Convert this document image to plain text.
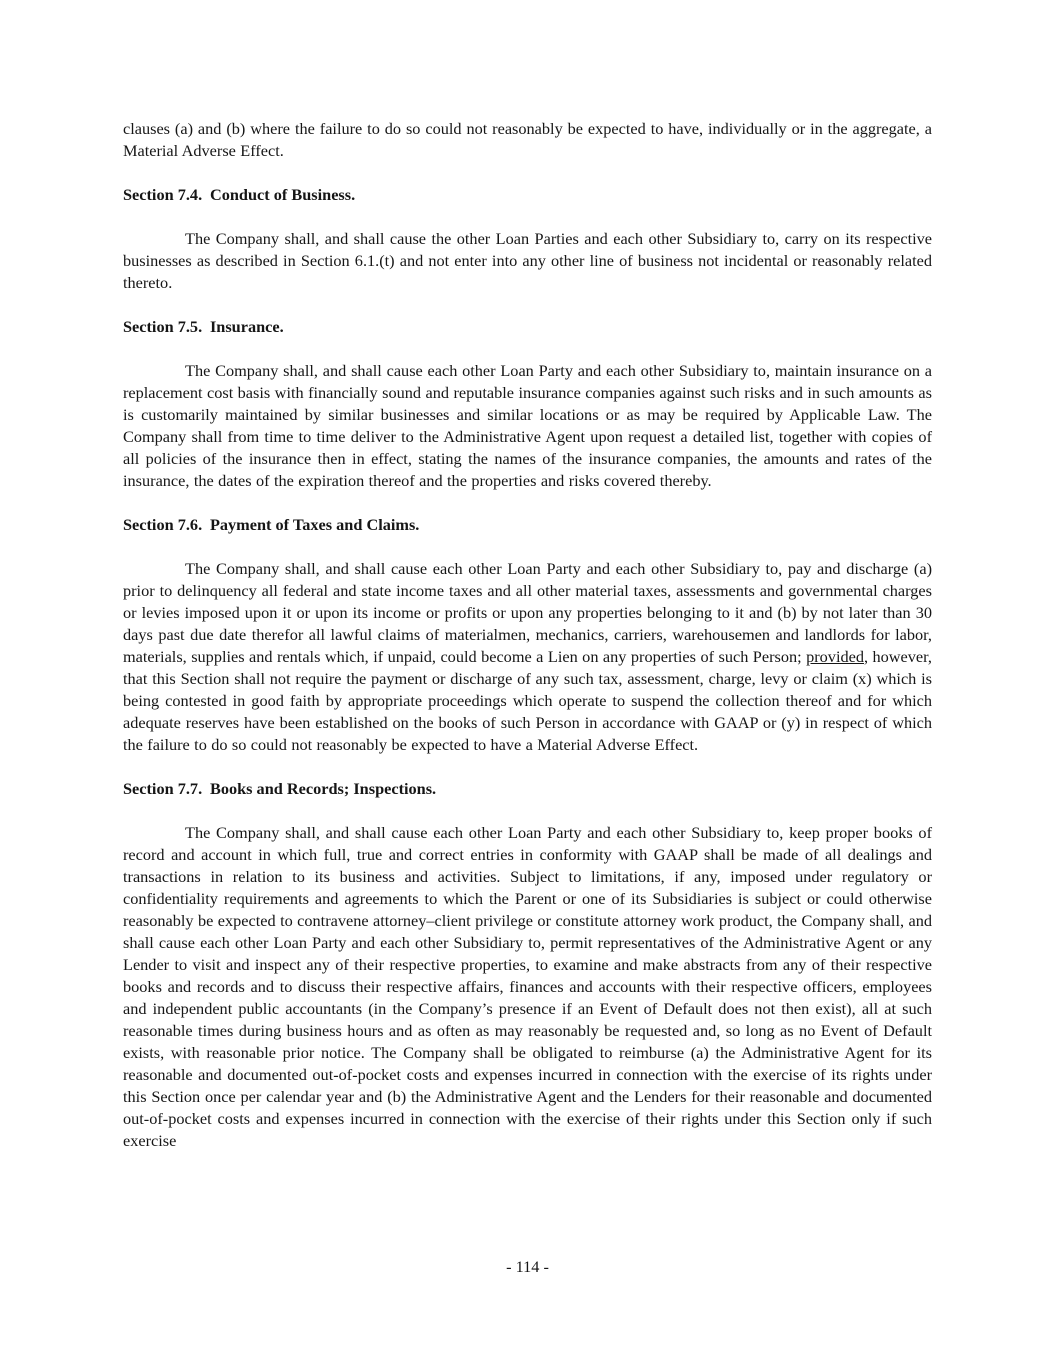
clauses (a) and (b) where the failure to do so could not reasonably be expected to have, individually or in the aggregate, a Material Adverse Effect.

Section 7.4. Conduct of Business.

The Company shall, and shall cause the other Loan Parties and each other Subsidiary to, carry on its respective businesses as described in Section 6.1.(t) and not enter into any other line of business not incidental or reasonably related thereto.

Section 7.5. Insurance.

The Company shall, and shall cause each other Loan Party and each other Subsidiary to, maintain insurance on a replacement cost basis with financially sound and reputable insurance companies against such risks and in such amounts as is customarily maintained by similar businesses and similar locations or as may be required by Applicable Law. The Company shall from time to time deliver to the Administrative Agent upon request a detailed list, together with copies of all policies of the insurance then in effect, stating the names of the insurance companies, the amounts and rates of the insurance, the dates of the expiration thereof and the properties and risks covered thereby.

Section 7.6. Payment of Taxes and Claims.

The Company shall, and shall cause each other Loan Party and each other Subsidiary to, pay and discharge (a) prior to delinquency all federal and state income taxes and all other material taxes, assessments and governmental charges or levies imposed upon it or upon its income or profits or upon any properties belonging to it and (b) by not later than 30 days past due date therefor all lawful claims of materialmen, mechanics, carriers, warehousemen and landlords for labor, materials, supplies and rentals which, if unpaid, could become a Lien on any properties of such Person; provided, however, that this Section shall not require the payment or discharge of any such tax, assessment, charge, levy or claim (x) which is being contested in good faith by appropriate proceedings which operate to suspend the collection thereof and for which adequate reserves have been established on the books of such Person in accordance with GAAP or (y) in respect of which the failure to do so could not reasonably be expected to have a Material Adverse Effect.

Section 7.7. Books and Records; Inspections.

The Company shall, and shall cause each other Loan Party and each other Subsidiary to, keep proper books of record and account in which full, true and correct entries in conformity with GAAP shall be made of all dealings and transactions in relation to its business and activities. Subject to limitations, if any, imposed under regulatory or confidentiality requirements and agreements to which the Parent or one of its Subsidiaries is subject or could otherwise reasonably be expected to contravene attorney–client privilege or constitute attorney work product, the Company shall, and shall cause each other Loan Party and each other Subsidiary to, permit representatives of the Administrative Agent or any Lender to visit and inspect any of their respective properties, to examine and make abstracts from any of their respective books and records and to discuss their respective affairs, finances and accounts with their respective officers, employees and independent public accountants (in the Company’s presence if an Event of Default does not then exist), all at such reasonable times during business hours and as often as may reasonably be requested and, so long as no Event of Default exists, with reasonable prior notice. The Company shall be obligated to reimburse (a) the Administrative Agent for its reasonable and documented out-of-pocket costs and expenses incurred in connection with the exercise of its rights under this Section once per calendar year and (b) the Administrative Agent and the Lenders for their reasonable and documented out-of-pocket costs and expenses incurred in connection with the exercise of their rights under this Section only if such exercise

- 114 -
